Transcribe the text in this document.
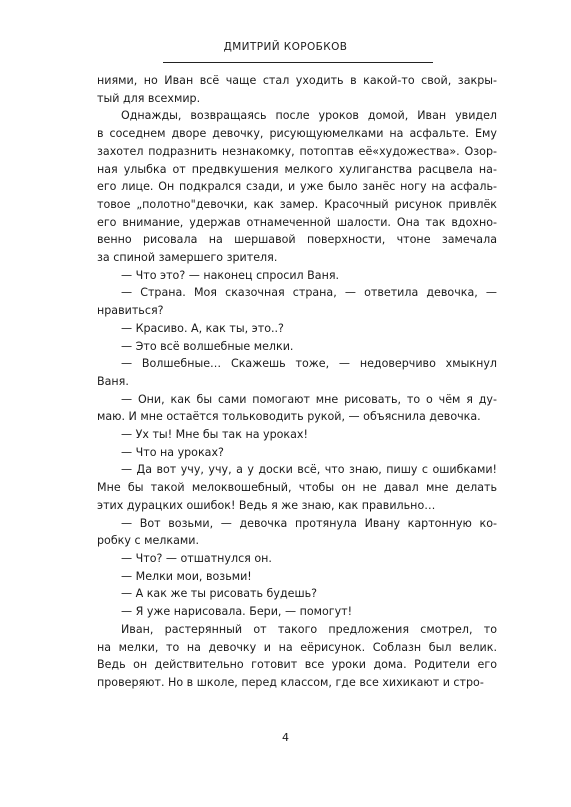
ДМИТРИЙ КОРОБКОВ

ниями, но Иван всё чаще стал уходить в какой-то свой, закры-
тый для всехмир.

Однажды, возвращаясь после уроков домой, Иван увидел
в соседнем дворе девочку, рисующуюмелками на асфальте. Ему
захотел подразнить незнакомку, потоптав её«художества». Озор-
ная улыбка от предвкушения мелкого хулиганства расцвела на-
его лице. Он подкрался сзади, и уже было занёс ногу на асфаль-
товое „полотно"девочки, как замер. Красочный рисунок привлёк
его внимание, удержав отнамеченной шалости. Она так вдохно-
венно рисовала на шершавой поверхности, чтоне замечала
за спиной замершего зрителя.

— Что это? — наконец спросил Ваня.

— Страна. Моя сказочная страна, — ответила девочка, —
нравиться?

— Красиво. А, как ты, это..?

— Это всё волшебные мелки.

— Волшебные… Скажешь тоже, — недоверчиво хмыкнул
Ваня.

— Они, как бы сами помогают мне рисовать, то о чём я ду-
маю. И мне остаётся тольководить рукой, — объяснила девочка.

— Ух ты! Мне бы так на уроках!

— Что на уроках?

— Да вот учу, учу, а у доски всё, что знаю, пишу с ошибками!
Мне бы такой мелоквошебный, чтобы он не давал мне делать
этих дурацких ошибок! Ведь я же знаю, как правильно…

— Вот возьми, — девочка протянула Ивану картонную ко-
робку с мелками.

— Что? — отшатнулся он.

— Мелки мои, возьми!

— А как же ты рисовать будешь?

— Я уже нарисовала. Бери, — помогут!

Иван, растерянный от такого предложения смотрел, то
на мелки, то на девочку и на еёрисунок. Соблазн был велик.
Ведь он действительно готовит все уроки дома. Родители его
проверяют. Но в школе, перед классом, где все хихикают и стро-

4
